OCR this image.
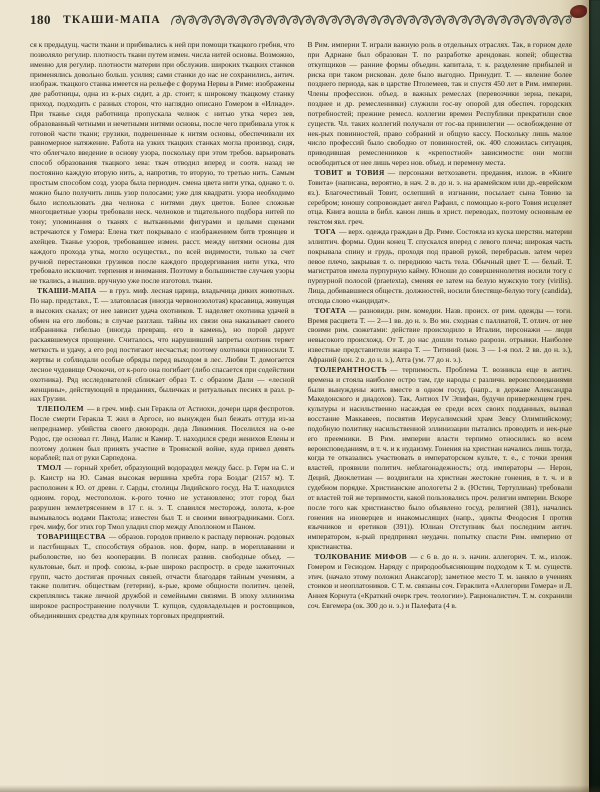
180 ТКАШИ-МАПА

ся к предыдущ. части ткани и прибивались к ней при помощи ткацкого гребня, что позволяло регулир. плотность ткани путем измен. числа нитей основы. Возможно, именно для регулир. плотности материи при обслужив. широких ткацких станков применялись довольно больш. усилия; сами станки до нас не сохранились, антич. изображ. ткацкого станка имеется на рельефе с форума Нервы в Риме: изображены две работницы, одна из к-рых сидит, а др. стоит; к широкому ткацкому станку приход. подходить с разных сторон, что наглядно описано Гомером в «Илиаде». При тканье сидя работница пропускала челнок с нитью утка через зев, образованный четными и нечетными нитями основы, после чего прибивала уток к готовой части ткани; грузики, подвешенные к нитям основы, обеспечивали их равномерное натяжение. Работа на узких ткацких станках могла производ. сидя, что облегчало введение в основу узора, поскольку при этом требов. варьировать способ образования ткацкого зева: ткач отводил вперед и соотв. назад не постоянно каждую вторую нить, а, напротив, то вторую, то третью нить. Самым простым способом созд. узора была периодич. смена цвета нити утка, однако т. о. можно было получить лишь узор полосами; уже для квадратн. узора необходимо было использовать два челнока с нитями двух цветов. Более сложные многоцветные узоры требовали неск. челноков и тщательного подбора нитей по тону; упоминания о тканях с вытканными фигурами и целыми сценами встречаются у Гомера: Елена ткет покрывало с изображением битв троянцев и ахейцев. Тканье узоров, требовавшее измен. расст. между нитями основы для каждого прохода утка, могло осуществл., по всей видимости, только за счет ручной перестановки грузиков после каждого продергивания нити утка, что требовало исключит. терпения и внимания. Поэтому в большинстве случаев узоры не ткались, а вышив. вручную уже после изготовл. ткани.

ТКАШИ-МАПА — в груз. миф. лесная царица, владычица диких животных. По нар. представл., Т. — златовласая (иногда червонозолотая) красавица, живущая в высоких скалах; от нее зависит удача охотников. Т. наделяет охотника удачей в обмен на его любовь; в случае разглаш. тайны их связи она наказывает своего избранника гибелью (иногда превращ. его в камень), но порой дарует раскаявшемуся прощение. Считалось, что нарушивший запреты охотник теряет меткость и удачу, а его род постигают несчастья; поэтому охотники приносили Т. жертвы и соблюдали особые обряды перед выходом в лес. Любви Т. домогается лесное чудовище Очокочи, от к-рого она погибает (либо спасается при содействии охотника). Ряд исследователей сближает образ Т. с образом Дали — «лесной женщины», действующей в преданиях, быличках и ритуальных песнях в разл. р-нах Грузии.

ТЛЕПОЛЕМ — в греч. миф. сын Геракла от Астиохи, дочери царя феспротов. После смерти Геракла Т. жил в Аргосе, но вынужден был бежать оттуда из-за непреднамер. убийства своего двоюродн. деда Ликимния. Поселился на о-ве Родос, где основал гг. Линд, Иалис и Камир. Т. находился среди женихов Елены и поэтому должен был принять участие в Троянской войне, куда привел девять кораблей; пал от руки Сарпедона.

ТМОЛ — горный хребет, образующий водораздел между басс. р. Герм на С. и р. Каистр на Ю. Самая высокая вершина хребта гора Боздаг (2157 м). Т. расположен к Ю. от древн. г. Сарды, столицы Лидийского госуд. На Т. находился одноим. город, местополож. к-рого точно не установлено; этот город был разрушен землетрясением в 17 г. н. э. Т. славился месторожд. золота, к-рое вымывалось водами Пактола; известен был Т. и своими виноградниками. Согл. греч. мифу, бог этих гор Тмол уладил спор между Аполлоном и Паном.

ТОВАРИЩЕСТВА — образов. городов привело к распаду первонач. родовых и пастбищных Т., способствуя образов. нов. форм, напр. в мореплавании и рыболовстве, но без кооперации. В полисах развив. свободные объед. — культовые, быт. и проф. союзы, к-рые широко распростр. в среде зажиточных групп, часто достигая прочных связей, отчасти благодаря тайным учениям, а также политич. обществам (гетерии), к-рые, кроме общности политич. целей, скреплялись также личной дружбой и семейными связями. В эпоху эллинизма широкое распространение получили Т. купцов, судовладельцев и ростовщиков, объединявших средства для крупных торговых предприятий.

В Рим. империи Т. играли важную роль в отдельных отраслях. Так, в горном деле при Адриане был образован Т. по разработке арендован. копей; общества откупщиков — ранние формы объедин. капитала, т. к. разделение прибылей и риска при таком рискован. деле было выгодно. Принудит. Т. — явление более позднего периода, как в царстве Птолемеев, так и спустя 450 лет в Рим. империи. Члены профессион. объед. в важных ремеслах (перевозчики зерна, пекари, позднее и др. ремесленники) служили гос-ву опорой для обеспеч. городских потребностей; прежние ремесл. коллегии времен Республики прекратили свое существ. Чл. таких коллегий получали от гос-ва привилегии — освобождение от нек-рых повинностей, право собраний и общую кассу. Поскольку лишь малое число профессий было свободно от повинностей, ок. 400 сложилась ситуация, приводившая ремесленников к «крепостной» зависимости: они могли освободиться от нее лишь через нов. объед. и перемену места.

ТОВИТ и ТОВИЯ — персонажи ветхозаветн. предания, излож. в «Книге Товита» (написана, вероятно, в нач. 2 в. до н. э. на арамейском или др.-еврейском яз.). Благочестивый Товит, ослепший в изгнании, посылает сына Товию за серебром; юношу сопровождает ангел Рафаил, с помощью к-рого Товия исцеляет отца. Книга вошла в библ. канон лишь в христ. переводах, поэтому основным ее текстом явл. греч.

ТОГА — верх. одежда граждан в Др. Риме. Состояла из куска шерстян. материи эллиптич. формы. Один конец Т. спускался вперед с левого плеча; широкая часть покрывала спину и грудь, проходя под правой рукой, перебрасыв. затем через левое плечо, закрывая т. о. переднюю часть тела. Обычный цвет Т. — белый. Т. магистратов имела пурпурную кайму. Юноши до совершеннолетия носили тогу с пурпурной полосой (praetexta), сменяя ее затем на белую мужскую тогу (virilis). Лица, добивавшиеся обществ. должностей, носили блестяще-белую тогу (candida), отсюда слово «кандидат».

ТОГАТА — разновидн. рим. комедии. Назв. происх. от рим. одежды — тоги. Время расцвета Т. — 2—1 вв. до н. э. Во мн. сходная с паллиатой, Т. отлич. от нее своими рим. сюжетами: действие происходило в Италии, персонажи — люди невысокого происхожд. От Т. до нас дошли только разрозн. отрывки. Наиболее известные представители жанра Т. — Титиний (кон. 3 — 1-я пол. 2 вв. до н. э.), Афраний (кон. 2 в. до н. э.), Атта (ум. 77 до н. э.).

ТОЛЕРАНТНОСТЬ — терпимость. Проблема Т. возникла еще в антич. времена и стояла наиболее остро там, где народы с различн. вероисповеданиями были вынуждены жить вместе в одном госуд. (напр., в державе Александра Македонского и диадохов). Так, Антиох IV Эпифан, будучи приверженцем греч. культуры и насильственно насаждая ее среди всех своих подданных, вызвал восстание Маккавеев, посвятив Иерусалимский храм Зевсу Олимпийскому; подобную политику насильственной эллинизации пытались проводить и нек-рые его преемники. В Рим. империи власти терпимо относились ко всем вероисповеданиям, в т. ч. и к иудаизму. Гонения на христиан начались лишь тогда, когда те отказались участвовать в императорском культе, т. е., с точки зрения властей, проявили политич. неблагонадежность; отд. императоры — Нерон, Деций, Диоклетиан — воздвигали на христиан жестокие гонения, в т. ч. и в судебном порядке. Христианские апологеты 2 в. (Юстин, Тертуллиан) требовали от властей той же терпимости, какой пользовались проч. религии империи. Вскоре после того как христианство было объявлено госуд. религией (381), начались гонения на иноверцев и инакомыслящих (напр., эдикты Феодосия I против язычников и еретиков (391)). Юлиан Отступник был последним антич. императором, к-рый предпринял неудачн. попытку спасти Рим. империю от христианства.

ТОЛКОВАНИЕ МИФОВ — с 6 в. до н. э. начин. аллегорич. Т. м., излож. Гомером и Гесиодом. Наряду с природообъясняющим подходом к Т. м. существ. этич. (начало этому положил Анаксагор); заметное место Т. м. заняло в учениях стоиков и неоплатоников. С Т. м. связаны соч. Гераклита «Аллегории Гомера» и Л. Аннея Корнута («Краткий очерк греч. теологии»). Рационалистич. Т. м. сохранили соч. Евгемера (ок. 300 до н. э.) и Палефата (4 в.
